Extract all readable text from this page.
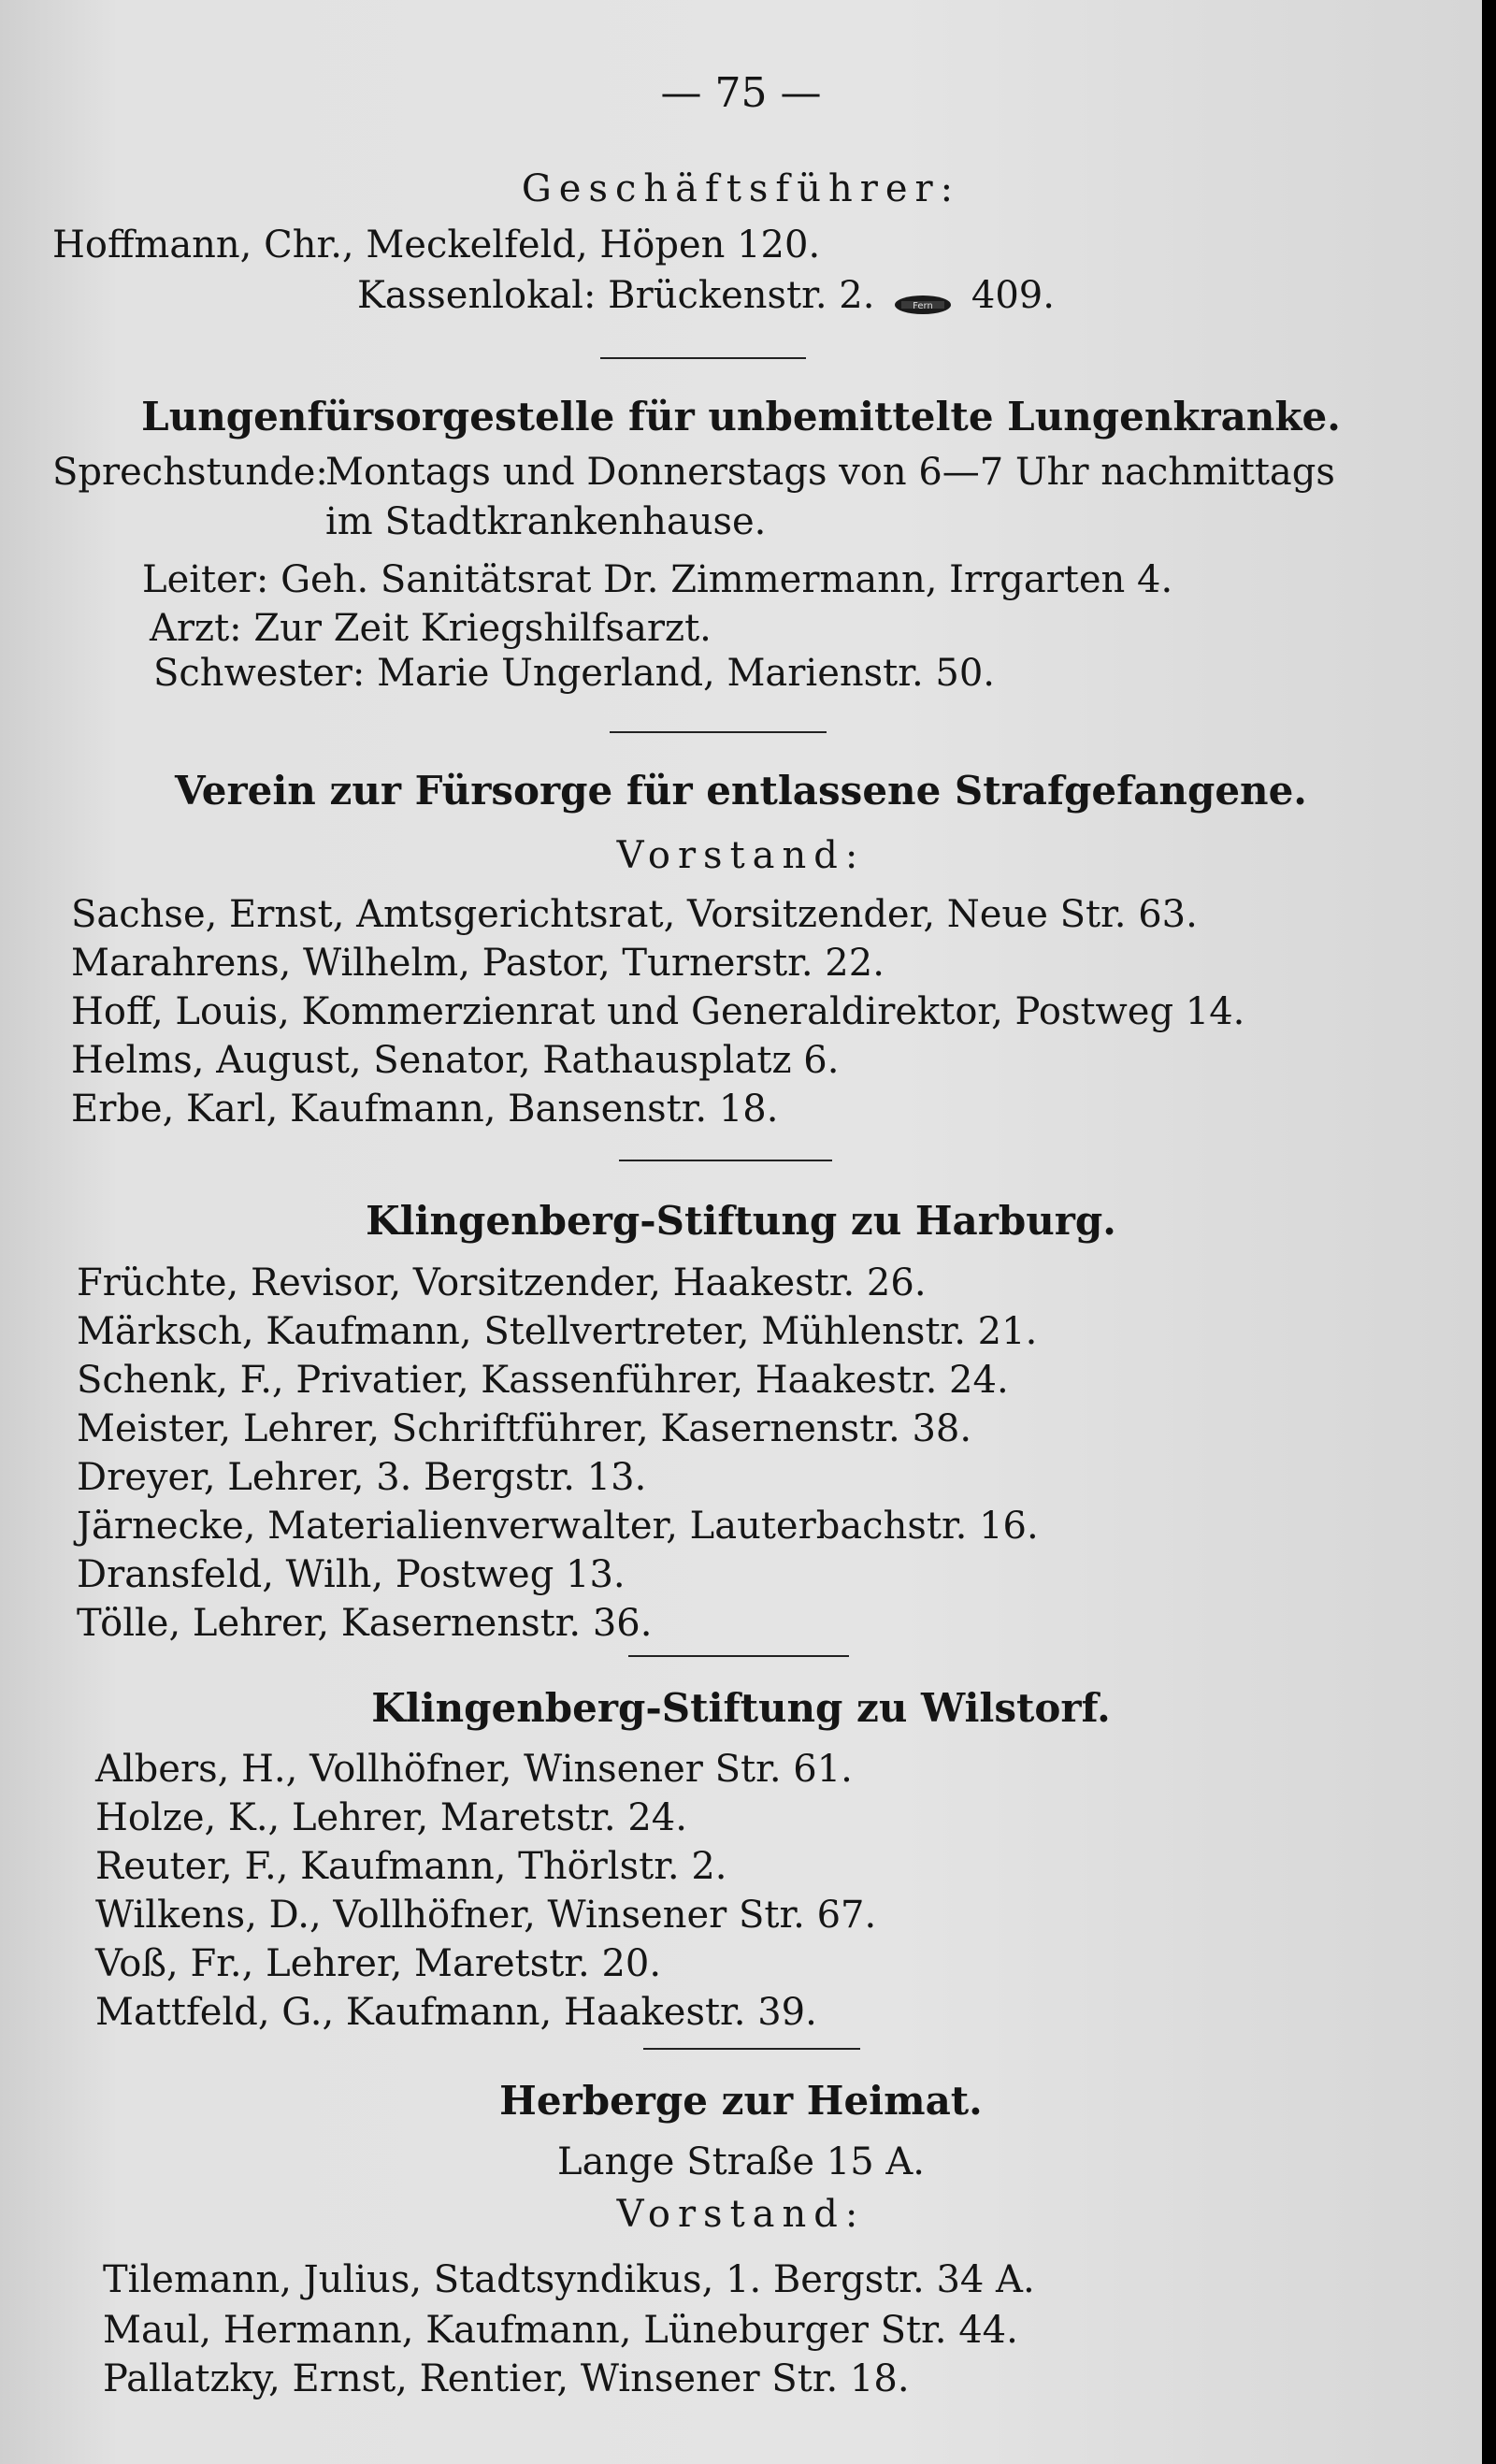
— 75 —
Geschäftsführer:
Hoffmann, Chr., Meckelfeld, Höpen 120.
Kassenlokal: Brückenstr. 2.	Fern 409.
Lungenfürsorgestelle für unbemittelte Lungenkranke.
Sprechstunde:
Montags und Donnerstags von 6—7 Uhr nachmittags
im Stadtkrankenhause.
Leiter: Geh. Sanitätsrat Dr. Zimmermann, Irrgarten 4.
Arzt: Zur Zeit Kriegshilfsarzt.
Schwester: Marie Ungerland, Marienstr. 50.
Verein zur Fürsorge für entlassene Strafgefangene.
Vorstand:
Sachse, Ernst, Amtsgerichtsrat, Vorsitzender, Neue Str. 63.
Marahrens, Wilhelm, Pastor, Turnerstr. 22.
Hoff, Louis, Kommerzienrat und Generaldirektor, Postweg 14.
Helms, August, Senator, Rathausplatz 6.
Erbe, Karl, Kaufmann, Bansenstr. 18.
Klingenberg-Stiftung zu Harburg.
Früchte, Revisor, Vorsitzender, Haakestr. 26.
Märksch, Kaufmann, Stellvertreter, Mühlenstr. 21.
Schenk, F., Privatier, Kassenführer, Haakestr. 24.
Meister, Lehrer, Schriftführer, Kasernenstr. 38.
Dreyer, Lehrer, 3. Bergstr. 13.
Järnecke, Materialienverwalter, Lauterbachstr. 16.
Dransfeld, Wilh, Postweg 13.
Tölle, Lehrer, Kasernenstr. 36.
Klingenberg-Stiftung zu Wilstorf.
Albers, H., Vollhöfner, Winsener Str. 61.
Holze, K., Lehrer, Maretstr. 24.
Reuter, F., Kaufmann, Thörlstr. 2.
Wilkens, D., Vollhöfner, Winsener Str. 67.
Voß, Fr., Lehrer, Maretstr. 20.
Mattfeld, G., Kaufmann, Haakestr. 39.
Herberge zur Heimat.
Lange Straße 15 A.
Vorstand:
Tilemann, Julius, Stadtsyndikus, 1. Bergstr. 34 A.
Maul, Hermann, Kaufmann, Lüneburger Str. 44.
Pallatzky, Ernst, Rentier, Winsener Str. 18.
